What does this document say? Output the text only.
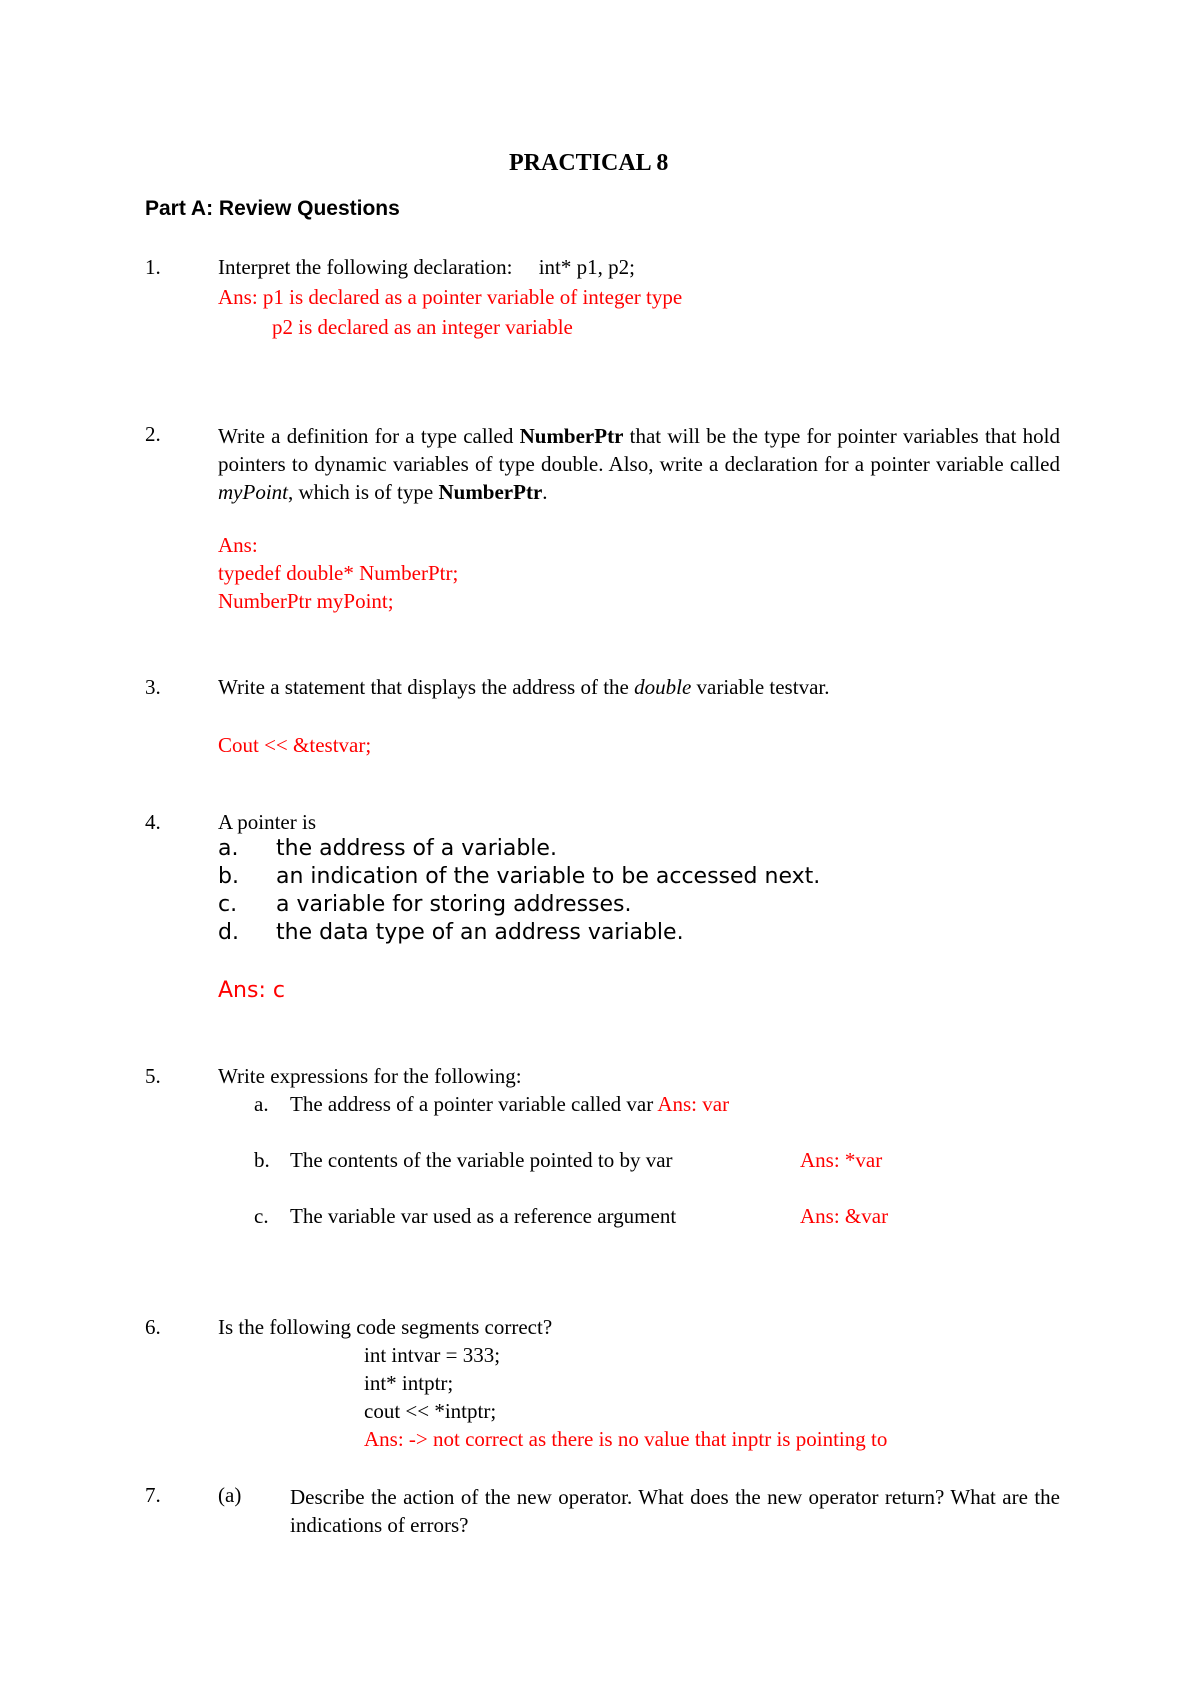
PRACTICAL 8
Part A: Review Questions
1.	Interpret the following declaration:     int* p1, p2;
Ans: p1 is declared as a pointer variable of integer type
p2 is declared as an integer variable
2.	Write a definition for a type called NumberPtr that will be the type for pointer variables that hold pointers to dynamic variables of type double. Also, write a declaration for a pointer variable called myPoint, which is of type NumberPtr.
Ans:
typedef double* NumberPtr;
NumberPtr myPoint;
3.	Write a statement that displays the address of the double variable testvar.
Cout << &testvar;
4.	A pointer is
a. the address of a variable.
b. an indication of the variable to be accessed next.
c. a variable for storing addresses.
d. the data type of an address variable.
Ans: c
5.	Write expressions for the following:
a. The address of a pointer variable called var Ans: var
b. The contents of the variable pointed to by var	Ans: *var
c. The variable var used as a reference argument	Ans: &var
6.	Is the following code segments correct?
int intvar = 333;
int* intptr;
cout << *intptr;
Ans: -> not correct as there is no value that inptr is pointing to
7.	(a) Describe the action of the new operator. What does the new operator return? What are the indications of errors?
